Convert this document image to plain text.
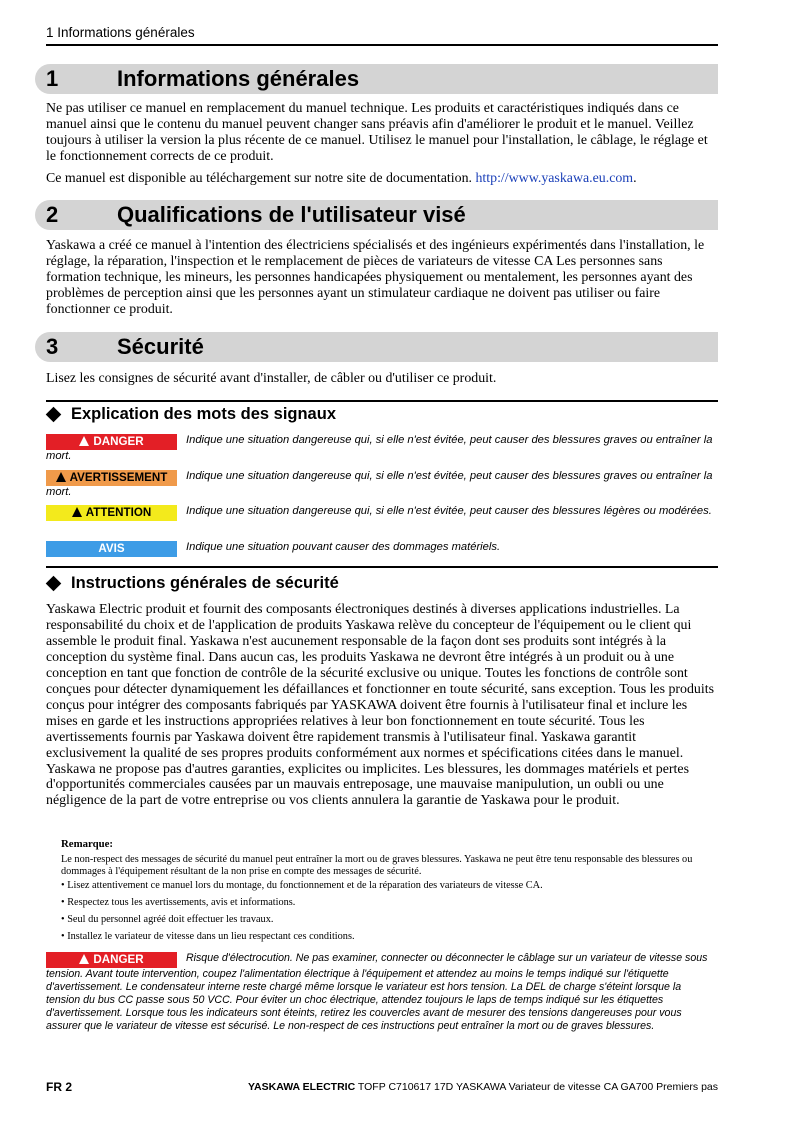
1 Informations générales
1	Informations générales

Ne pas utiliser ce manuel en remplacement du manuel technique. Les produits et caractéristiques indiqués dans ce manuel ainsi que le contenu du manuel peuvent changer sans préavis afin d'améliorer le produit et le manuel. Veillez toujours à utiliser la version la plus récente de ce manuel. Utilisez le manuel pour l'installation, le câblage, le réglage et le fonctionnement corrects de ce produit.

Ce manuel est disponible au téléchargement sur notre site de documentation. http://www.yaskawa.eu.com.

2	Qualifications de l'utilisateur visé

Yaskawa a créé ce manuel à l'intention des électriciens spécialisés et des ingénieurs expérimentés dans l'installation, le réglage, la réparation, l'inspection et le remplacement de pièces de variateurs de vitesse CA Les personnes sans formation technique, les mineurs, les personnes handicapées physiquement ou mentalement, les personnes ayant des problèmes de perception ainsi que les personnes ayant un stimulateur cardiaque ne doivent pas utiliser ou faire fonctionner ce produit.

3	Sécurité

Lisez les consignes de sécurité avant d'installer, de câbler ou d'utiliser ce produit.

Explication des mots des signaux
DANGER	Indique une situation dangereuse qui, si elle n'est évitée, peut causer des blessures graves ou entraîner la mort.
AVERTISSEMENT Indique une situation dangereuse qui, si elle n'est évitée, peut causer des blessures graves ou entraîner la mort.
ATTENTION	Indique une situation dangereuse qui, si elle n'est évitée, peut causer des blessures légères ou modérées.
AVIS	Indique une situation pouvant causer des dommages matériels.
Instructions générales de sécurité

Yaskawa Electric produit et fournit des composants électroniques destinés à diverses applications industrielles. La responsabilité du choix et de l'application de produits Yaskawa relève du concepteur de l'équipement ou le client qui assemble le produit final. Yaskawa n'est aucunement responsable de la façon dont ses produits sont intégrés à la conception du système final. Dans aucun cas, les produits Yaskawa ne devront être intégrés à un produit ou à une conception en tant que fonction de contrôle de la sécurité exclusive ou unique. Toutes les fonctions de contrôle sont conçues pour détecter dynamiquement les défaillances et fonctionner en toute sécurité, sans exception. Tous les produits conçus pour intégrer des composants fabriqués par YASKAWA doivent être fournis à l'utilisateur final et inclure les mises en garde et les instructions appropriées relatives à leur bon fonctionnement en toute sécurité. Tous les avertissements fournis par Yaskawa doivent être rapidement transmis à l'utilisateur final. Yaskawa garantit exclusivement la qualité de ses propres produits conformément aux normes et spécifications citées dans le manuel. Yaskawa ne propose pas d'autres garanties, explicites ou implicites. Les blessures, les dommages matériels et pertes d'opportunités commerciales causées par un mauvais entreposage, une mauvaise manipulution, un oubli ou une négligence de la part de votre entreprise ou vos clients annulera la garantie de Yaskawa pour le produit.

Remarque:

Le non-respect des messages de sécurité du manuel peut entraîner la mort ou de graves blessures. Yaskawa ne peut être tenu responsable des blessures ou dommages à l'équipement résultant de la non prise en compte des messages de sécurité.

• Lisez attentivement ce manuel lors du montage, du fonctionnement et de la réparation des variateurs de vitesse CA.

• Respectez tous les avertissements, avis et informations.

• Seul du personnel agréé doit effectuer les travaux.

• Installez le variateur de vitesse dans un lieu respectant ces conditions.

DANGER	Risque d'électrocution. Ne pas examiner, connecter ou déconnecter le câblage sur un variateur de vitesse sous tension. Avant toute intervention, coupez l'alimentation électrique à l'équipement et attendez au moins le temps indiqué sur l'étiquette d'avertissement. Le condensateur interne reste chargé même lorsque le variateur est hors tension. La DEL de charge s'éteint lorsque la tension du bus CC passe sous 50 VCC. Pour éviter un choc électrique, attendez toujours le laps de temps indiqué sur les étiquettes d'avertissement. Lorsque tous les indicateurs sont éteints, retirez les couvercles avant de mesurer des tensions dangereuses pour vous assurer que le variateur de vitesse est sécurisé. Le non-respect de ces instructions peut entraîner la mort ou de graves blessures.
FR 2	YASKAWA ELECTRIC TOFP C710617 17D YASKAWA Variateur de vitesse CA GA700 Premiers pas
